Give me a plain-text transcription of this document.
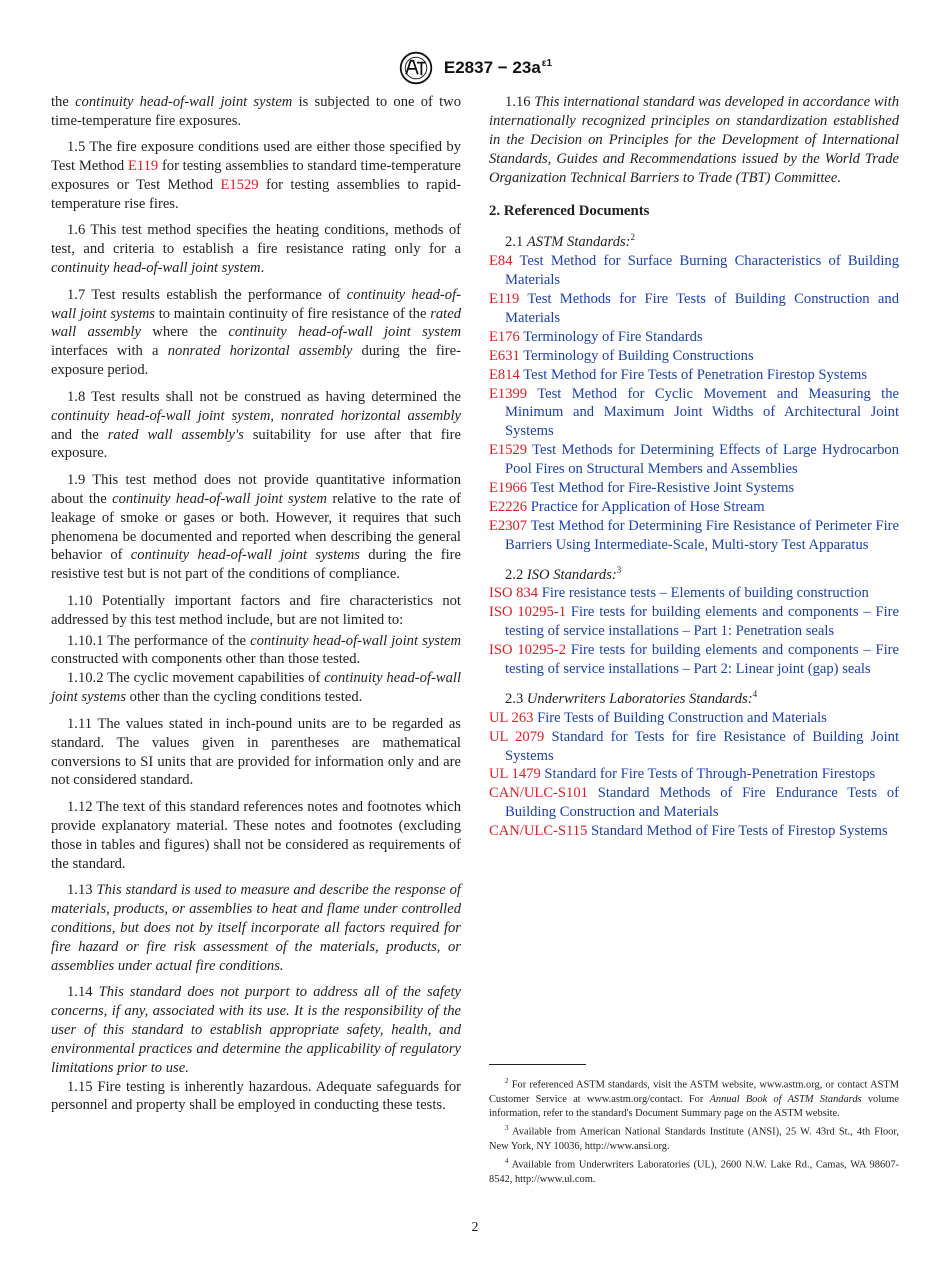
$E2837 - 23a^{\varepsilon 1}$

the continuity head-of-wall joint system is subjected to one of two time-temperature fire exposures.

1.5 The fire exposure conditions used are either those specified by Test Method E119 for testing assemblies to standard time-temperature exposures or Test Method E1529 for testing assemblies to rapid-temperature rise fires.

1.6 This test method specifies the heating conditions, methods of test, and criteria to establish a fire resistance rating only for a continuity head-of-wall joint system.

1.7 Test results establish the performance of continuity head-of-wall joint systems to maintain continuity of fire resistance of the rated wall assembly where the continuity head-of-wall joint system interfaces with a nonrated horizontal assembly during the fire-exposure period.

1.8 Test results shall not be construed as having determined the continuity head-of-wall joint system, nonrated horizontal assembly and the rated wall assembly's suitability for use after that fire exposure.

1.9 This test method does not provide quantitative information about the continuity head-of-wall joint system relative to the rate of leakage of smoke or gases or both. However, it requires that such phenomena be documented and reported when describing the general behavior of continuity head-of-wall joint systems during the fire resistive test but is not part of the conditions of compliance.

1.10 Potentially important factors and fire characteristics not addressed by this test method include, but are not limited to:

1.10.1 The performance of the continuity head-of-wall joint system constructed with components other than those tested.

1.10.2 The cyclic movement capabilities of continuity head-of-wall joint systems other than the cycling conditions tested.

1.11 The values stated in inch-pound units are to be regarded as standard. The values given in parentheses are mathematical conversions to SI units that are provided for information only and are not considered standard.

1.12 The text of this standard references notes and footnotes which provide explanatory material. These notes and footnotes (excluding those in tables and figures) shall not be considered as requirements of the standard.

1.13 This standard is used to measure and describe the response of materials, products, or assemblies to heat and flame under controlled conditions, but does not by itself incorporate all factors required for fire hazard or fire risk assessment of the materials, products, or assemblies under actual fire conditions.

1.14 This standard does not purport to address all of the safety concerns, if any, associated with its use. It is the responsibility of the user of this standard to establish appropriate safety, health, and environmental practices and determine the applicability of regulatory limitations prior to use.

1.15 Fire testing is inherently hazardous. Adequate safeguards for personnel and property shall be employed in conducting these tests.

1.16 This international standard was developed in accordance with internationally recognized principles on standardization established in the Decision on Principles for the Development of International Standards, Guides and Recommendations issued by the World Trade Organization Technical Barriers to Trade (TBT) Committee.

2. Referenced Documents
2.1 ASTM Standards:$^2$
E84 Test Method for Surface Burning Characteristics of Building Materials
E119 Test Methods for Fire Tests of Building Construction and Materials
E176 Terminology of Fire Standards
E631 Terminology of Building Constructions
E814 Test Method for Fire Tests of Penetration Firestop Systems
E1399 Test Method for Cyclic Movement and Measuring the Minimum and Maximum Joint Widths of Architectural Joint Systems
E1529 Test Methods for Determining Effects of Large Hydrocarbon Pool Fires on Structural Members and Assemblies
E1966 Test Method for Fire-Resistive Joint Systems
E2226 Practice for Application of Hose Stream
E2307 Test Method for Determining Fire Resistance of Perimeter Fire Barriers Using Intermediate-Scale, Multi-story Test Apparatus
2.2 ISO Standards:$^3$
ISO 834 Fire resistance tests – Elements of building construction
ISO 10295-1 Fire tests for building elements and components – Fire testing of service installations – Part 1: Penetration seals
ISO 10295-2 Fire tests for building elements and components – Fire testing of service installations – Part 2: Linear joint (gap) seals
2.3 Underwriters Laboratories Standards:$^4$
UL 263 Fire Tests of Building Construction and Materials
UL 2079 Standard for Tests for fire Resistance of Building Joint Systems
UL 1479 Standard for Fire Tests of Through-Penetration Firestops
CAN/ULC-S101 Standard Methods of Fire Endurance Tests of Building Construction and Materials
CAN/ULC-S115 Standard Method of Fire Tests of Firestop Systems

$^2$ For referenced ASTM standards, visit the ASTM website, www.astm.org, or contact ASTM Customer Service at www.astm.org/contact. For Annual Book of ASTM Standards volume information, refer to the standard's Document Summary page on the ASTM website.

$^3$ Available from American National Standards Institute (ANSI), 25 W. 43rd St., 4th Floor, New York, NY 10036, http://www.ansi.org.

$^4$ Available from Underwriters Laboratories (UL), 2600 N.W. Lake Rd., Camas, WA 98607-8542, http://www.ul.com.

2
